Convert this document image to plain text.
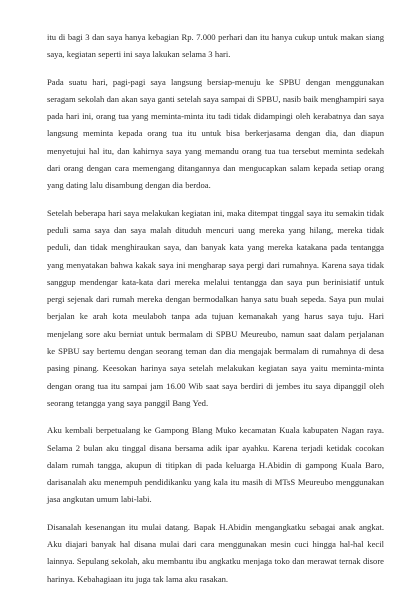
itu di bagi 3 dan saya hanya kebagian Rp. 7.000 perhari dan itu hanya cukup untuk makan siang saya, kegiatan seperti ini saya lakukan selama 3 hari.

Pada suatu hari, pagi-pagi saya langsung bersiap-menuju ke SPBU dengan menggunakan seragam sekolah dan akan saya ganti setelah saya sampai di SPBU, nasib baik menghampiri saya pada hari ini, orang tua yang meminta-minta itu tadi tidak didampingi oleh kerabatnya dan saya langsung meminta kepada orang tua itu untuk bisa berkerjasama dengan dia, dan diapun menyetujui hal itu, dan kahirnya saya yang memandu orang tua tua tersebut meminta sedekah dari orang dengan cara memengang ditangannya dan mengucapkan salam kepada setiap orang yang dating lalu disambung dengan dia berdoa.

Setelah beberapa hari saya melakukan kegiatan ini, maka ditempat tinggal saya itu semakin tidak peduli sama saya dan saya malah dituduh mencuri uang mereka yang hilang, mereka tidak peduli, dan tidak menghiraukan saya, dan banyak kata yang mereka katakana pada tentangga yang menyatakan bahwa kakak saya ini mengharap saya pergi dari rumahnya. Karena saya tidak sanggup mendengar kata-kata dari mereka melalui tentangga dan saya pun berinisiatif untuk pergi sejenak dari rumah mereka dengan bermodalkan hanya satu buah sepeda. Saya pun mulai berjalan ke arah kota meulaboh tanpa ada tujuan kemanakah yang harus saya tuju. Hari menjelang sore aku berniat untuk bermalam di SPBU Meureubo, namun saat dalam perjalanan ke SPBU say bertemu dengan seorang teman dan dia mengajak bermalam di rumahnya di desa pasing pinang. Keesokan harinya saya setelah melakukan kegiatan saya yaitu meminta-minta dengan orang tua itu sampai jam 16.00 Wib saat saya berdiri di jembes itu saya dipanggil oleh seorang tetangga yang saya panggil Bang Yed.

Aku kembali berpetualang ke Gampong Blang Muko kecamatan Kuala kabupaten Nagan raya. Selama 2 bulan aku tinggal disana bersama adik ipar ayahku. Karena terjadi ketidak cocokan dalam rumah tangga, akupun di titipkan di pada keluarga H.Abidin di gampong Kuala Baro, darisanalah aku menempuh pendidikanku yang kala itu masih di MTsS Meureubo menggunakan jasa angkutan umum labi-labi.

Disanalah kesenangan itu mulai datang. Bapak H.Abidin mengangkatku sebagai anak angkat. Aku diajari banyak hal disana mulai dari cara menggunakan mesin cuci hingga hal-hal kecil lainnya. Sepulang sekolah, aku membantu ibu angkatku menjaga toko dan merawat ternak disore harinya. Kebahagiaan itu juga tak lama aku rasakan.
